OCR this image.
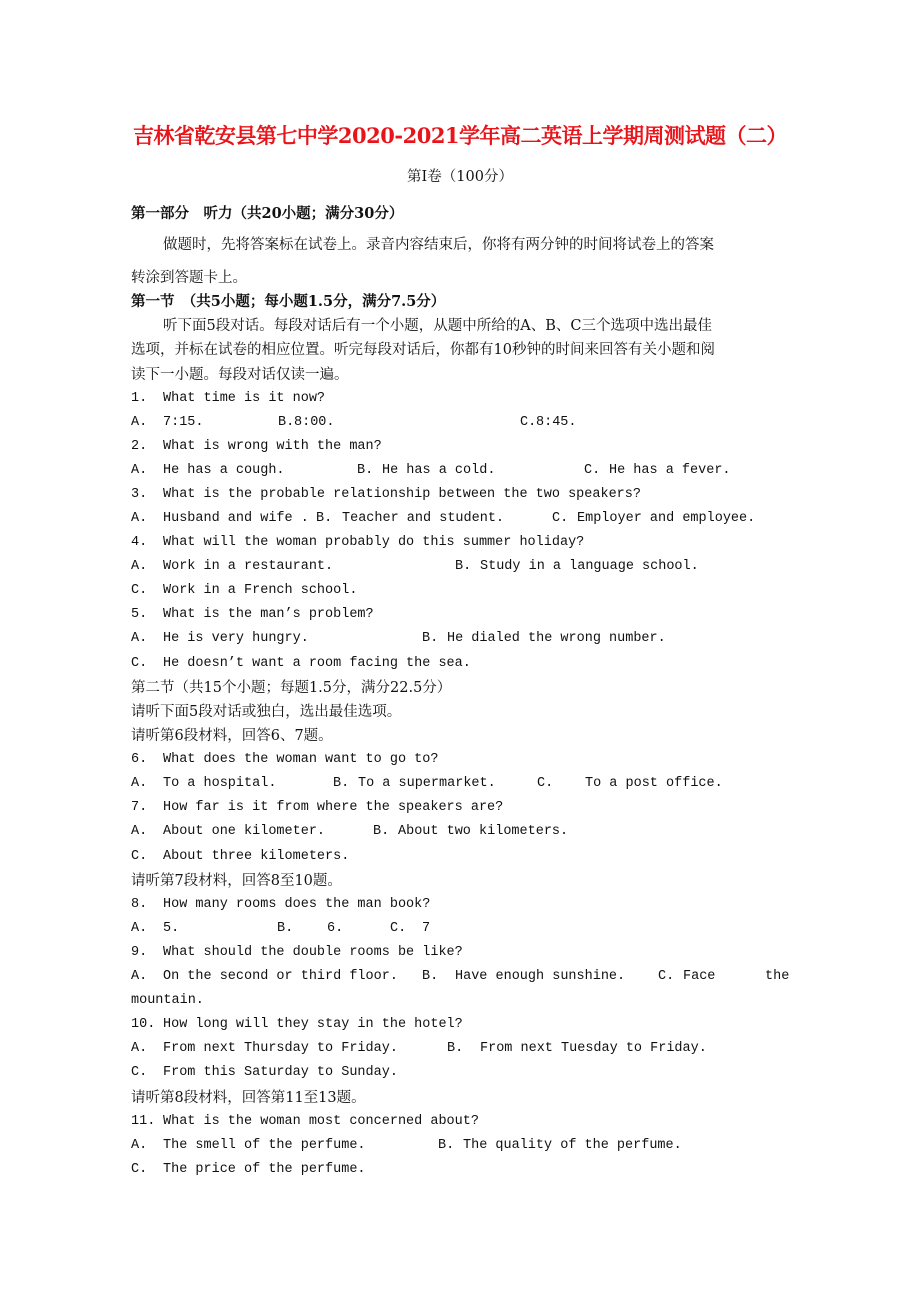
吉林省乾安县第七中学2020-2021学年高二英语上学期周测试题（二）
第Ⅰ卷（100分）
第一部分　听力（共20小题；满分30分）
做题时，先将答案标在试卷上。录音内容结束后，你将有两分钟的时间将试卷上的答案
转涂到答题卡上。
第一节　（共5小题；每小题1.5分，满分7.5分）
听下面5段对话。每段对话后有一个小题，从题中所给的A、B、C三个选项中选出最佳
选项，并标在试卷的相应位置。听完每段对话后，你都有10秒钟的时间来回答有关小题和阅
读下一小题。每段对话仅读一遍。
第二节（共15个小题；每题1.5分，满分22.5分）
请听下面5段对话或独白，选出最佳选项。
请听第6段材料，回答6、7题。
请听第7段材料，回答8至10题。
请听第8段材料，回答第11至13题。
1. What time is it now?
A. 7:15.	B. 8:00.	C. 8:45.
2. What is wrong with the man?
A. He has a cough.	B. He has a cold.	C. He has a fever.
3. What is the probable relationship between the two speakers?
A. Husband and wife . B. Teacher and student.	C. Employer and employee.
4. What will the woman probably do this summer holiday?
A. Work in a restaurant.	B. Study in a language school.
C. Work in a French school.
5. What is the man’s problem?
A. He is very hungry.	B. He dialed the wrong number.
C. He doesn’t want a room facing the sea.
6. What does the woman want to go to?
A. To a hospital.	B. To a supermarket.	C. To a post office.
7. How far is it from where the speakers are?
A. About one kilometer.	B. About two kilometers.
C. About three kilometers.
8. How many rooms does the man book?
A. 5.	B.	6.	C. 7
9. What should the double rooms be like?
A. On the second or third floor. B. Have enough sunshine. C. Face	the
mountain.
10. How long will they stay in the hotel?
A. From next Thursday to Friday.	B. From next Tuesday to Friday.
C. From this Saturday to Sunday.
11. What is the woman most concerned about?
A. The smell of the perfume.	B. The quality of the perfume.
C. The price of the perfume.
